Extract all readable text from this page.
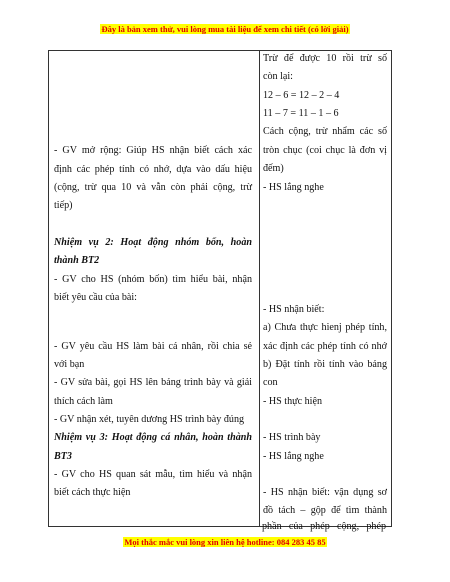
Đây là bản xem thử, vui lòng mua tài liệu để xem chi tiết (có lời giải)
- GV mở rộng: Giúp HS nhận biết cách xác
định các phép tính có nhớ, dựa vào dấu hiệu
(cộng, trừ qua 10 và vẫn còn phải cộng, trừ
tiếp)
Nhiệm vụ 2: Hoạt động nhóm bốn, hoàn
thành BT2
- GV cho HS (nhóm bốn) tìm hiểu bài, nhận
biết yêu cầu của bài:
- GV yêu cầu HS làm bài cá nhân, rồi chia sẻ
với bạn
- GV sửa bài, gọi HS lên bảng trình bày và giải
thích cách làm
- GV nhận xét, tuyên dương HS trình bày đúng
Nhiệm vụ 3: Hoạt động cá nhân, hoàn thành
BT3
- GV cho HS quan sát mẫu, tìm hiểu và nhận
biết cách thực hiện
Trừ để được 10 rồi trừ số
còn lại:
12 – 6 = 12 – 2 – 4
11 – 7 = 11 – 1 – 6
Cách cộng, trừ nhẩm các số
tròn chục (coi chục là đơn vị
đếm)
- HS lắng nghe
- HS nhận biết:
a) Chưa thực hienj phép tính,
xác định các phép tính có nhớ
b) Đặt tính rồi tính vào bảng
con
- HS thực hiện
- HS trình bày
- HS lắng nghe
- HS nhận biết: vận dụng sơ
đồ tách – gộp để tìm thành
phần của phép cộng, phép
Mọi thắc mắc vui lòng xin liên hệ hotline: 084 283 45 85
